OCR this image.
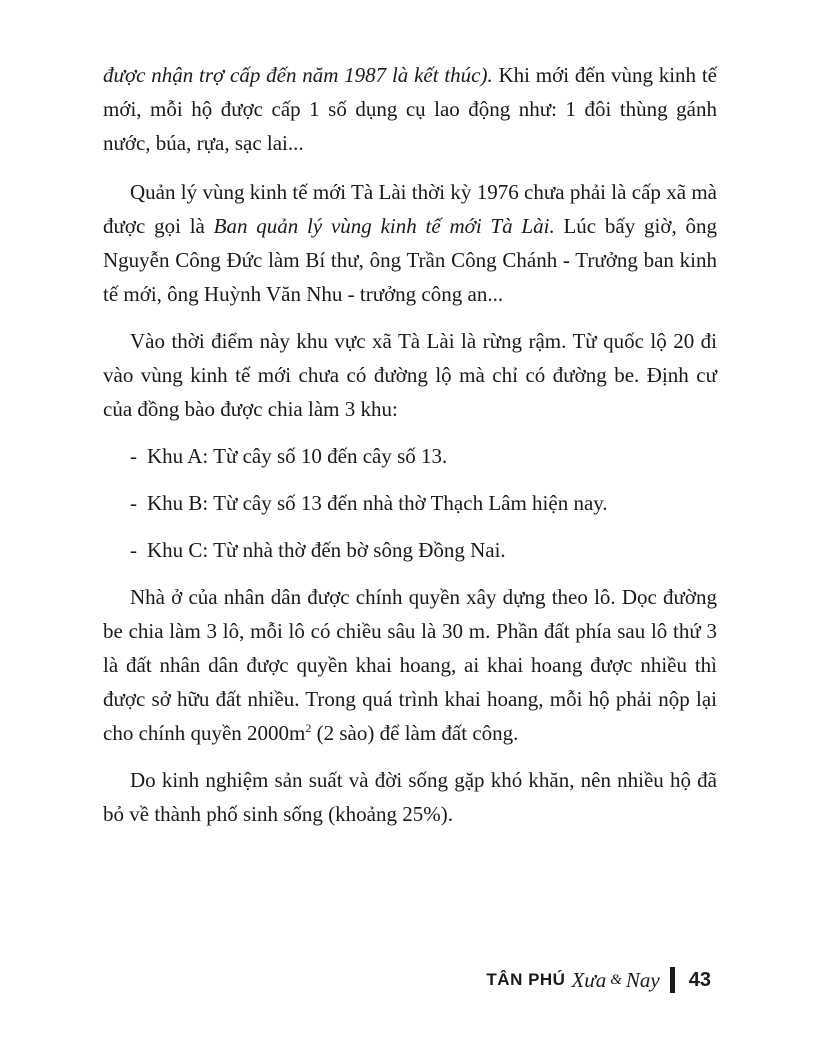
được nhận trợ cấp đến năm 1987 là kết thúc). Khi mới đến vùng kinh tế mới, mỗi hộ được cấp 1 số dụng cụ lao động như: 1 đôi thùng gánh nước, búa, rựa, sạc lai...

Quản lý vùng kinh tế mới Tà Lài thời kỳ 1976 chưa phải là cấp xã mà được gọi là Ban quản lý vùng kinh tế mới Tà Lài. Lúc bấy giờ, ông Nguyễn Công Đức làm Bí thư, ông Trần Công Chánh - Trưởng ban kinh tế mới, ông Huỳnh Văn Nhu - trưởng công an...

Vào thời điểm này khu vực xã Tà Lài là rừng rậm. Từ quốc lộ 20 đi vào vùng kinh tế mới chưa có đường lộ mà chỉ có đường be. Định cư của đồng bào được chia làm 3 khu:

- Khu A: Từ cây số 10 đến cây số 13.
- Khu B: Từ cây số 13 đến nhà thờ Thạch Lâm hiện nay.
- Khu C: Từ nhà thờ đến bờ sông Đồng Nai.

Nhà ở của nhân dân được chính quyền xây dựng theo lô. Dọc đường be chia làm 3 lô, mỗi lô có chiều sâu là 30 m. Phần đất phía sau lô thứ 3 là đất nhân dân được quyền khai hoang, ai khai hoang được nhiều thì được sở hữu đất nhiều. Trong quá trình khai hoang, mỗi hộ phải nộp lại cho chính quyền $2000m^2$ (2 sào) để làm đất công.

Do kinh nghiệm sản suất và đời sống gặp khó khăn, nên nhiều hộ đã bỏ về thành phố sinh sống (khoảng 25%).

TÂN PHÚ Xưa & Nay 43
